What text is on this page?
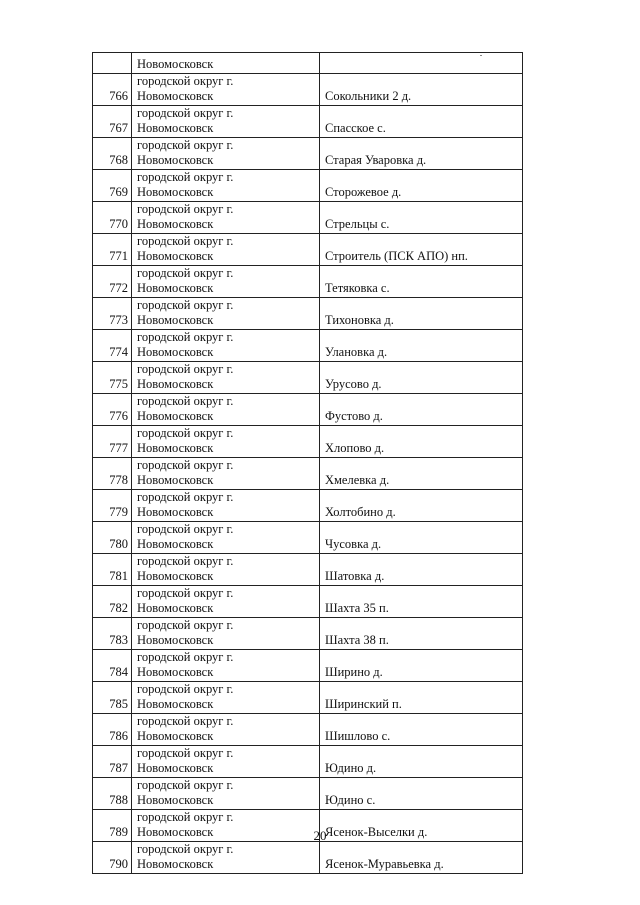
	Новомосковск	

766	городской округ г.
Новомосковск	Сокольники 2 д.
767	городской округ г.
Новомосковск	Спасское с.
768	городской округ г.
Новомосковск	Старая Уваровка д.
769	городской округ г.
Новомосковск	Сторожевое д.
770	городской округ г.
Новомосковск	Стрельцы с.
771	городской округ г.
Новомосковск	Строитель (ПСК АПО) нп.
772	городской округ г.
Новомосковск	Тетяковка с.
773	городской округ г.
Новомосковск	Тихоновка д.
774	городской округ г.
Новомосковск	Улановка д.
775	городской округ г.
Новомосковск	Урусово д.
776	городской округ г.
Новомосковск	Фустово д.
777	городской округ г.
Новомосковск	Хлопово д.
778	городской округ г.
Новомосковск	Хмелевка д.
779	городской округ г.
Новомосковск	Холтобино д.
780	городской округ г.
Новомосковск	Чусовка д.
781	городской округ г.
Новомосковск	Шатовка д.
782	городской округ г.
Новомосковск	Шахта 35 п.
783	городской округ г.
Новомосковск	Шахта 38 п.
784	городской округ г.
Новомосковск	Ширино д.
785	городской округ г.
Новомосковск	Ширинский п.
786	городской округ г.
Новомосковск	Шишлово с.
787	городской округ г.
Новомосковск	Юдино д.
788	городской округ г.
Новомосковск	Юдино с.
789	городской округ г.
Новомосковск	Ясенок-Выселки д.
790	городской округ г.
Новомосковск	Ясенок-Муравьевка д.
20
